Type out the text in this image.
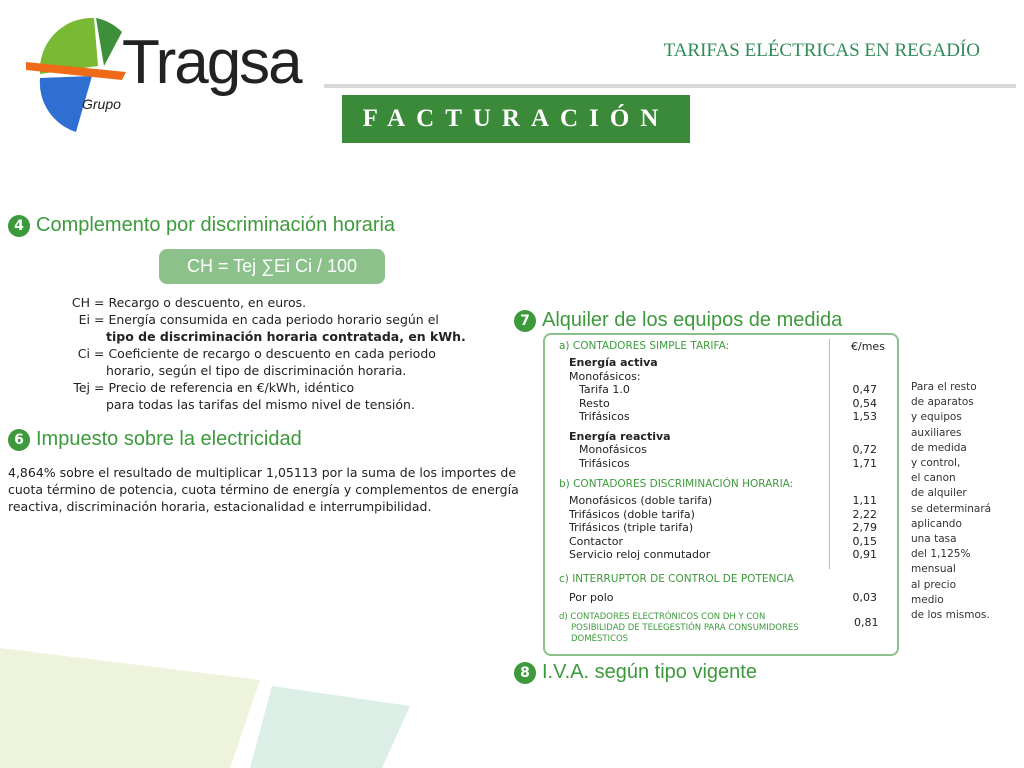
Tragsa
Grupo
TARIFAS ELÉCTRICAS EN REGADÍO
FACTURACIÓN
4 Complemento por discriminación horaria
CH = Tej ∑Ei Ci / 100
CH = Recargo o descuento, en euros.
Ei = Energía consumida en cada periodo horario según el
tipo de discriminación horaria contratada, en kWh.
Ci = Coeficiente de recargo o descuento en cada periodo
horario, según el tipo de discriminación horaria.
Tej = Precio de referencia en €/kWh, idéntico
para todas las tarifas del mismo nivel de tensión.
6 Impuesto sobre la electricidad
4,864% sobre el resultado de multiplicar 1,05113 por la suma de los importes de
cuota término de potencia, cuota término de energía y complementos de energía
reactiva, discriminación horaria, estacionalidad e interrumpibilidad.
7 Alquiler de los equipos de medida
a) CONTADORES SIMPLE TARIFA:	€/mes
Energía activa
Monofásicos:
Tarifa 1.0	0,47
Resto	0,54
Trifásicos	1,53
Energía reactiva
Monofásicos	0,72
Trifásicos	1,71
b) CONTADORES DISCRIMINACIÓN HORARIA:
Monofásicos (doble tarifa)	1,11
Trifásicos (doble tarifa)	2,22
Trifásicos (triple tarifa)	2,79
Contactor	0,15
Servicio reloj conmutador	0,91
c) INTERRUPTOR DE CONTROL DE POTENCIA
Por polo	0,03
d) CONTADORES ELECTRÓNICOS CON DH Y CON
POSIBILIDAD DE TELEGESTIÓN PARA CONSUMIDORES
DOMÉSTICOS
0,81
Para el resto
de aparatos
y equipos
auxiliares
de medida
y control,
el canon
de alquiler
se determinará
aplicando
una tasa
del 1,125%
mensual
al precio
medio
de los mismos.
8 I.V.A. según tipo vigente
